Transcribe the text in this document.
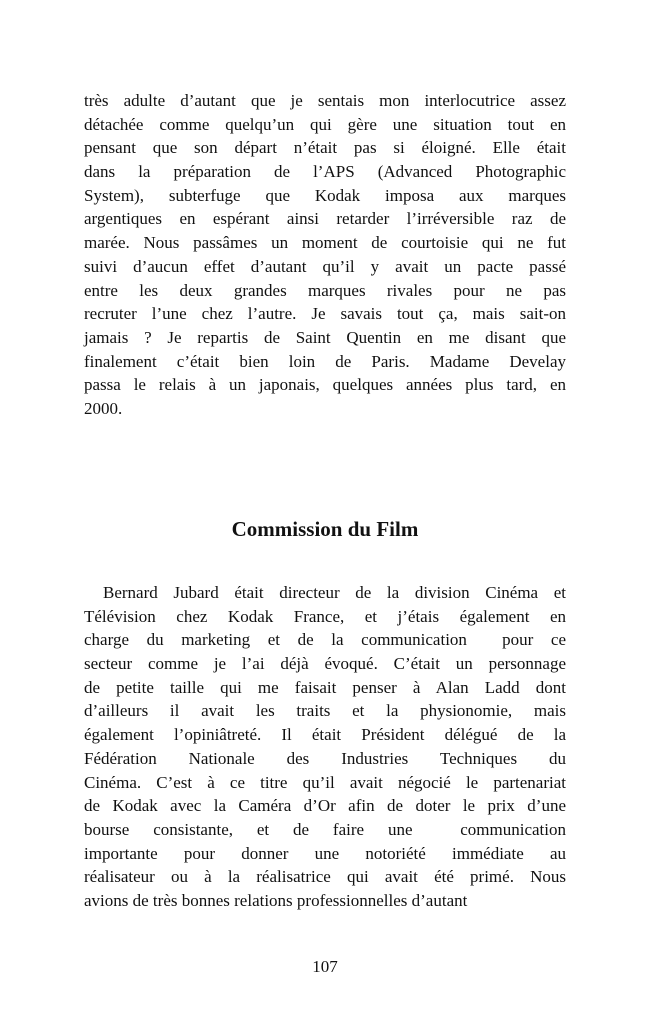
très adulte d’autant que je sentais mon interlocutrice assez
détachée comme quelqu’un qui gère une situation tout en
pensant que son départ n’était pas si éloigné. Elle était
dans la préparation de l’APS (Advanced Photographic
System), subterfuge que Kodak imposa aux marques
argentiques en espérant ainsi retarder l’irréversible raz de
marée. Nous passâmes un moment de courtoisie qui ne fut
suivi d’aucun effet d’autant qu’il y avait un pacte passé
entre les deux grandes marques rivales pour ne pas
recruter l’une chez l’autre. Je savais tout ça, mais sait-on
jamais ? Je repartis de Saint Quentin en me disant que
finalement c’était bien loin de Paris. Madame Develay
passa le relais à un japonais, quelques années plus tard, en
2000.
Commission du Film
Bernard Jubard était directeur de la division Cinéma et
Télévision chez Kodak France, et j’étais également en
charge du marketing et de la communication  pour ce
secteur comme je l’ai déjà évoqué. C’était un personnage
de petite taille qui me faisait penser à Alan Ladd dont
d’ailleurs il avait les traits et la physionomie, mais
également l’opiniâtreté. Il était Président délégué de la
Fédération Nationale des Industries Techniques du
Cinéma. C’est à ce titre qu’il avait négocié le partenariat
de Kodak avec la Caméra d’Or afin de doter le prix d’une
bourse consistante, et de faire une  communication
importante pour donner une notoriété immédiate au
réalisateur ou à la réalisatrice qui avait été primé. Nous
avions de très bonnes relations professionnelles d’autant
107
